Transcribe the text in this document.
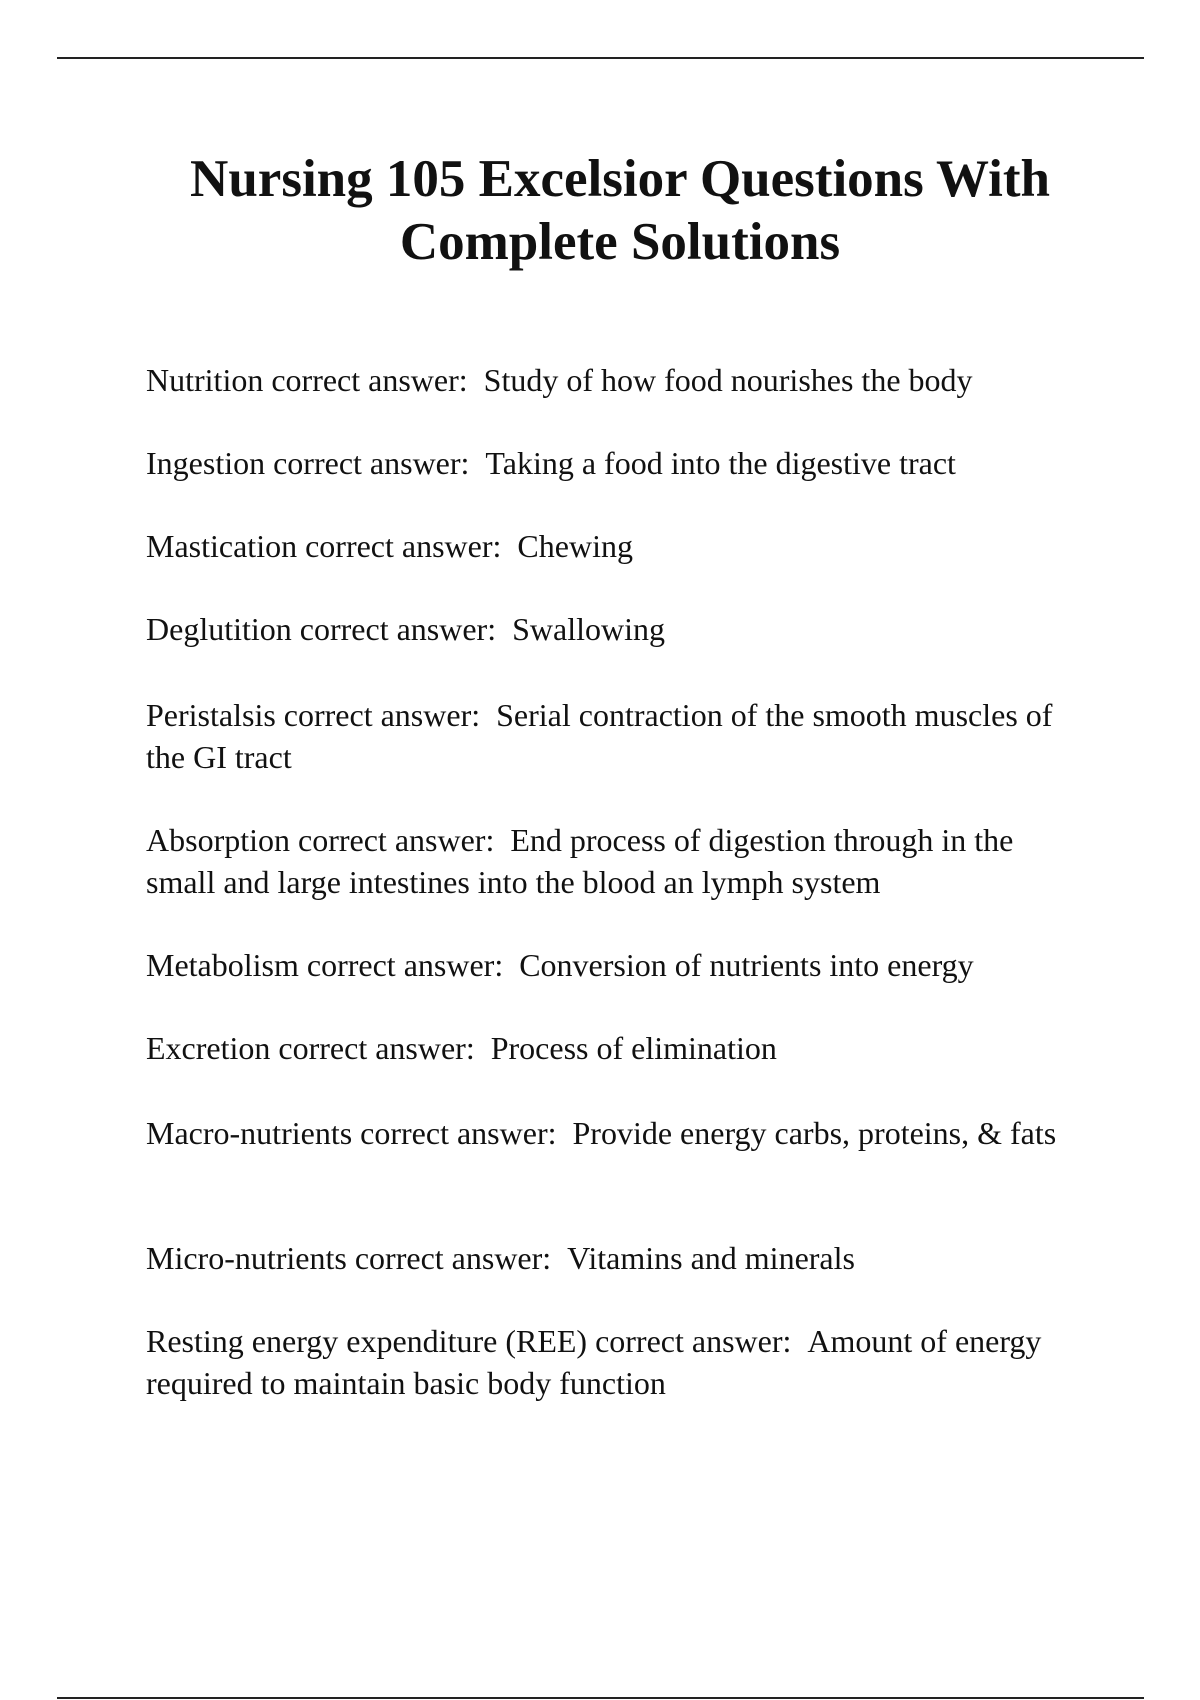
Nursing 105 Excelsior Questions With Complete Solutions

Nutrition correct answer: Study of how food nourishes the body

Ingestion correct answer: Taking a food into the digestive tract

Mastication correct answer: Chewing

Deglutition correct answer: Swallowing

Peristalsis correct answer: Serial contraction of the smooth muscles of the GI tract

Absorption correct answer: End process of digestion through in the small and large intestines into the blood an lymph system

Metabolism correct answer: Conversion of nutrients into energy

Excretion correct answer: Process of elimination

Macro-nutrients correct answer: Provide energy carbs, proteins, & fats

Micro-nutrients correct answer: Vitamins and minerals

Resting energy expenditure (REE) correct answer: Amount of energy required to maintain basic body function
